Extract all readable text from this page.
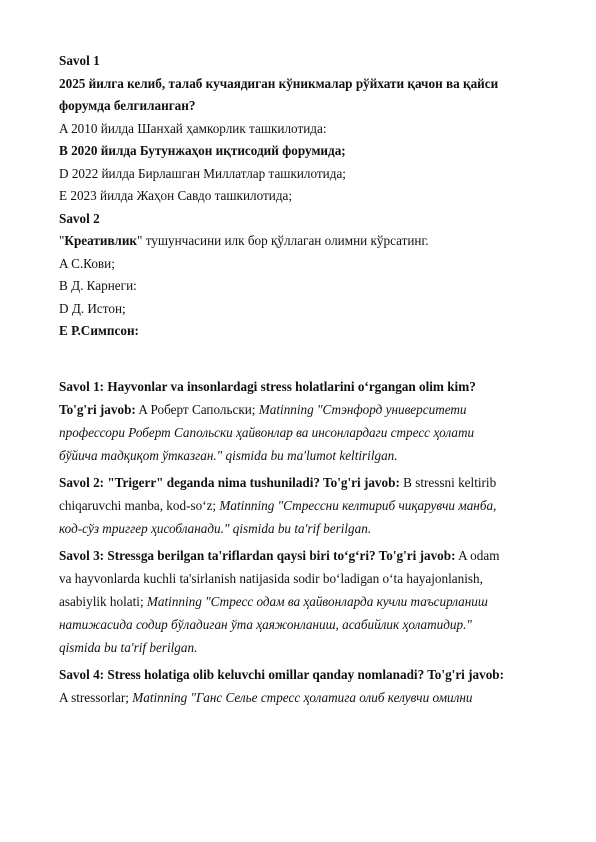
Savol 1
2025 йилга келиб, талаб кучаядиган кўникмалар рўйхати қачон ва қайси
форумда белгиланган?
A 2010 йилда Шанхай ҳамкорлик ташкилотида:
B 2020 йилда Бутунжаҳон иқтисодий форумида;
D 2022 йилда Бирлашган Миллатлар ташкилотида;
E 2023 йилда Жаҳон Савдо ташкилотида;
Savol 2
"Креативлик" тушунчасини илк бор қўллаган олимни кўрсатинг.
A С.Кови;
B Д. Карнеги:
D Д. Истон;
E Р.Симпсон:
Savol 1: Hayvonlar va insonlardagi stress holatlarini o‘rgangan olim kim?
To'g'ri javob: A Роберт Сапольски; Matinning "Стэнфорд университети
профессори Роберт Сапольски ҳайвонлар ва инсонлардаги стресс ҳолати
бўйича тадқиқот ўтказган." qismida bu ma'lumot keltirilgan.
Savol 2: "Trigerr" deganda nima tushuniladi? To'g'ri javob: B stressni keltirib
chiqaruvchi manba, kod-so‘z; Matinning "Стрессни келтириб чиқарувчи манба,
код-сўз триггер ҳисобланади." qismida bu ta'rif berilgan.
Savol 3: Stressga berilgan ta'riflardan qaysi biri to‘g‘ri? To'g'ri javob: A odam
va hayvonlarda kuchli ta'sirlanish natijasida sodir bo‘ladigan o‘ta hayajonlanish,
asabiylik holati; Matinning "Стресс одам ва ҳайвонларда кучли таъсирланиш
натижасида содир бўладиган ўта ҳаяжонланиш, асабийлик ҳолатидир."
qismida bu ta'rif berilgan.
Savol 4: Stress holatiga olib keluvchi omillar qanday nomlanadi? To'g'ri javob:
A stressorlar; Matinning "Ганс Селье стресс ҳолатига олиб келувчи омилни
